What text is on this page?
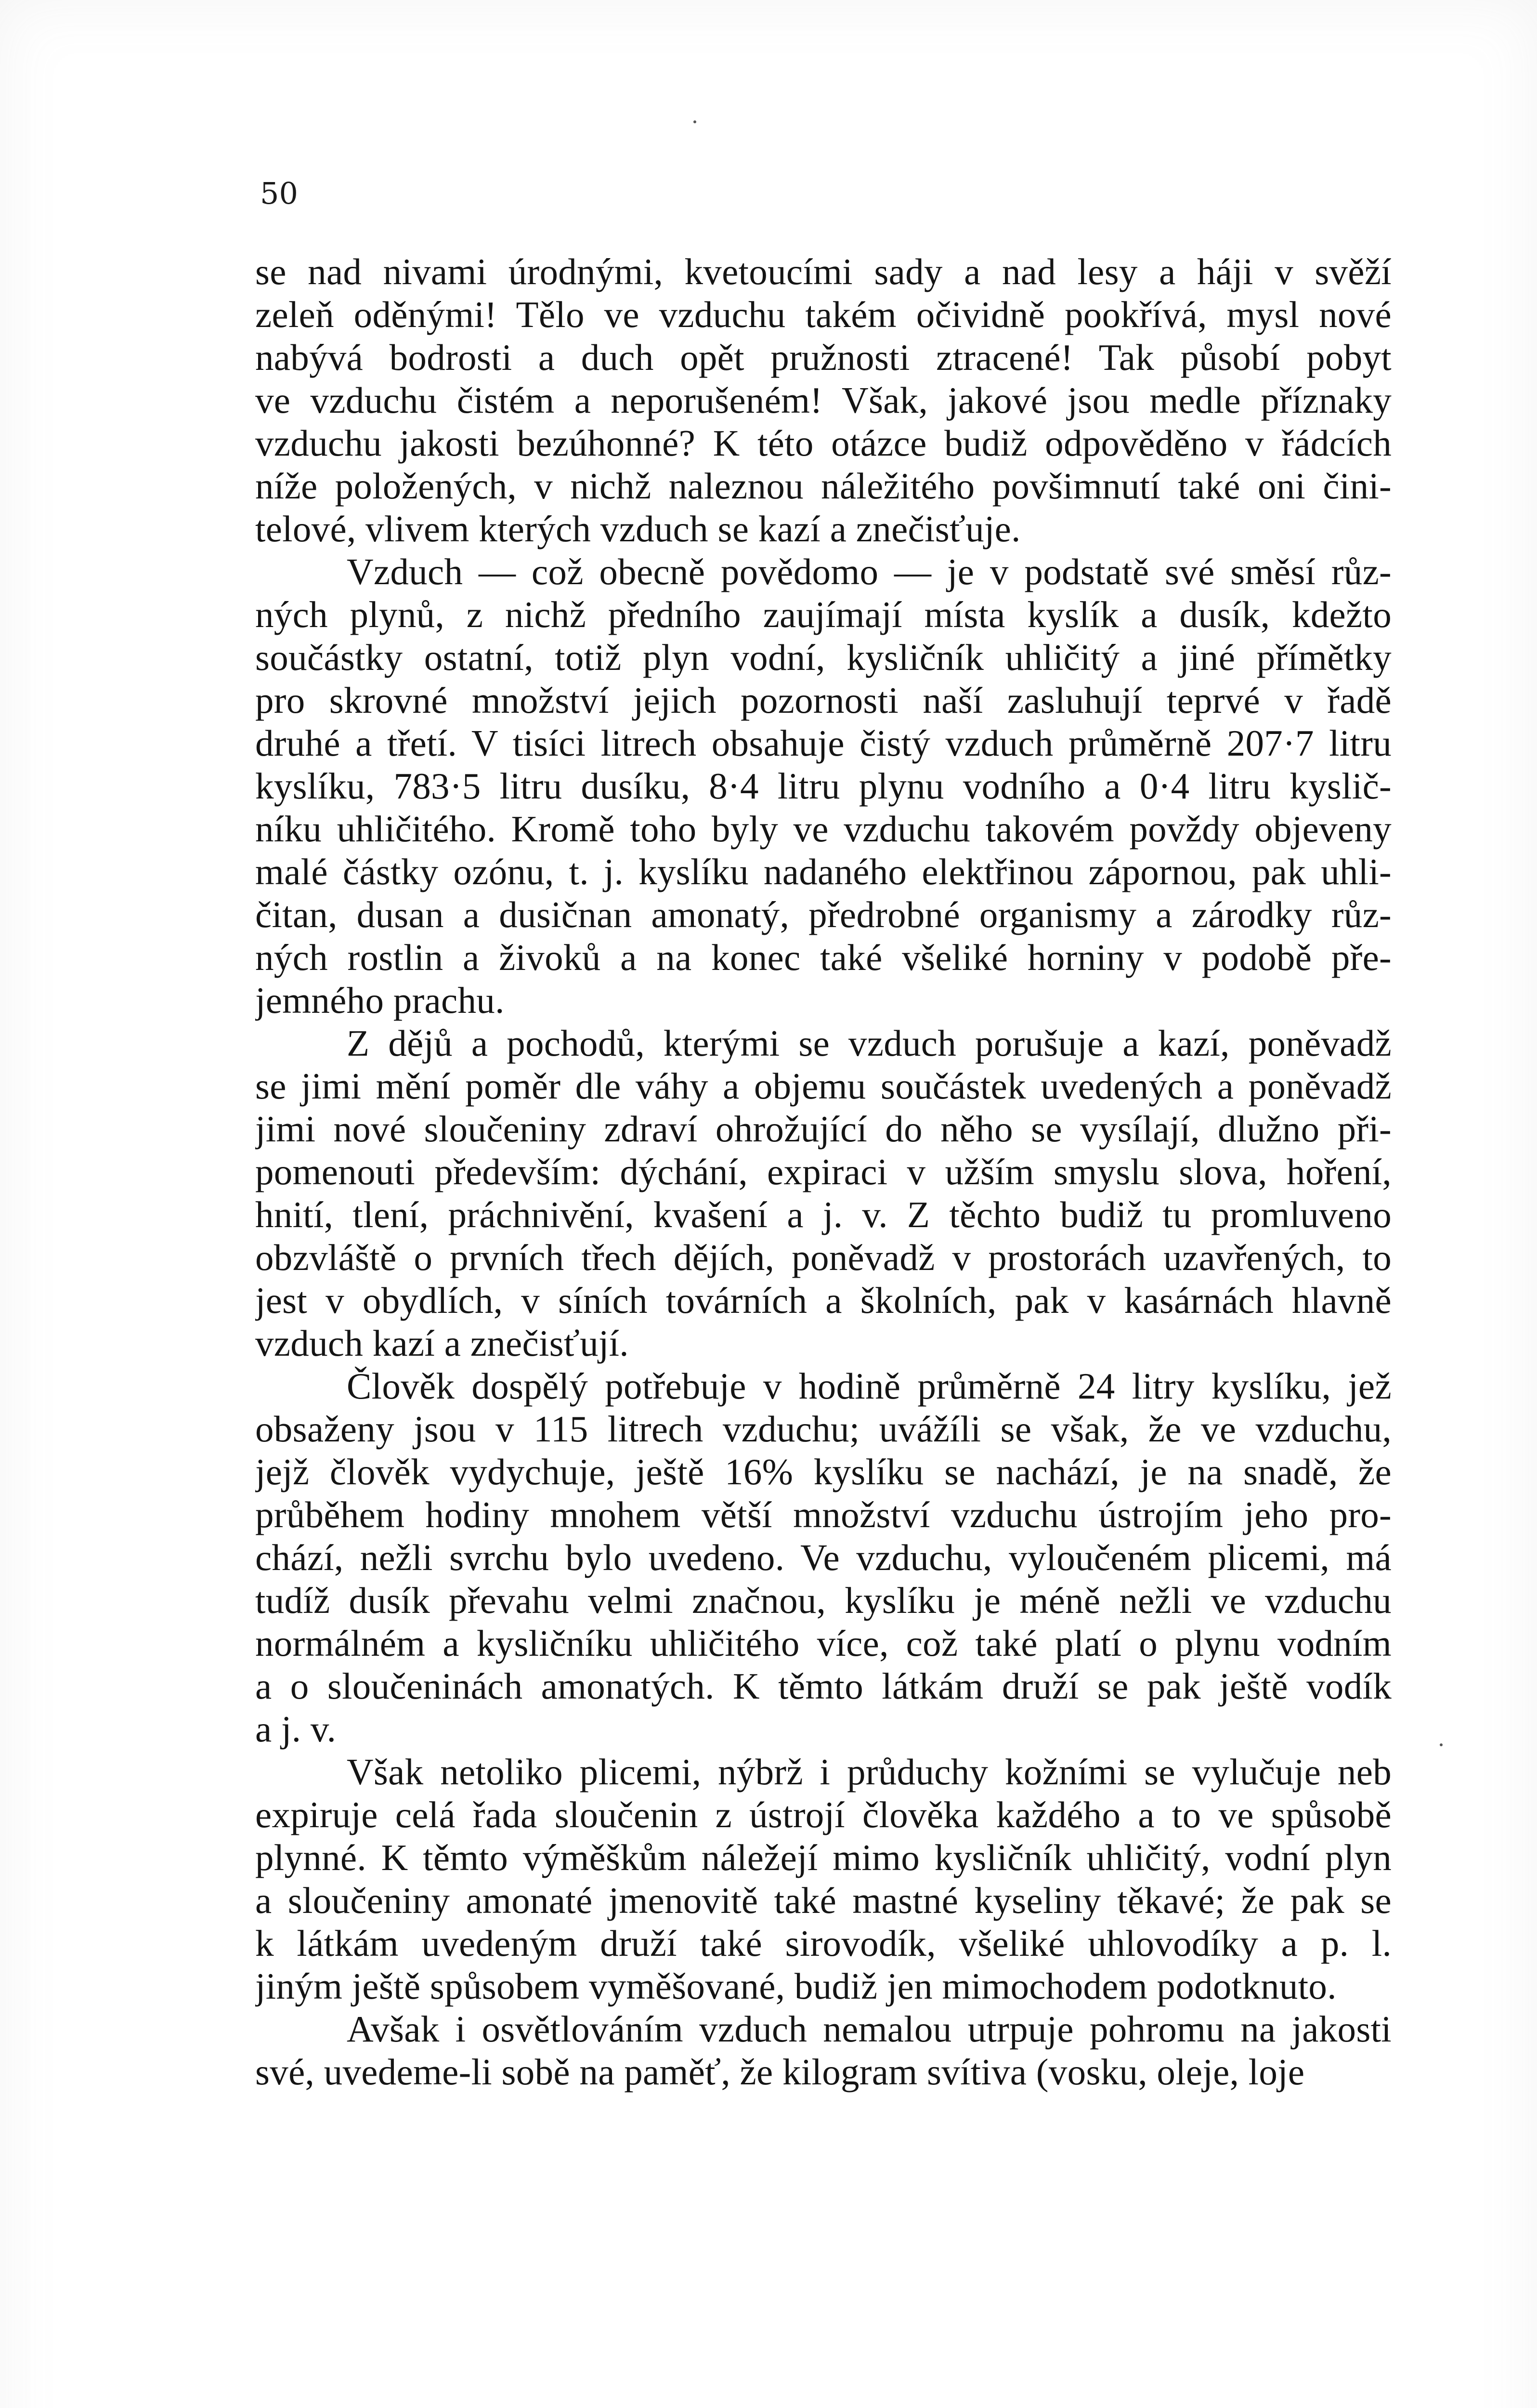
50
se nad nivami úrodnými, kvetoucími sady a nad lesy a háji v svěží
zeleň oděnými! Tělo ve vzduchu takém očividně pookřívá, mysl nové
nabývá bodrosti a duch opět pružnosti ztracené! Tak působí pobyt
ve vzduchu čistém a neporušeném! Však, jakové jsou medle příznaky
vzduchu jakosti bezúhonné? K této otázce budiž odpověděno v řádcích
níže položených, v nichž naleznou náležitého povšimnutí také oni čini-
telové, vlivem kterých vzduch se kazí a znečisťuje.
Vzduch — což obecně povědomo — je v podstatě své směsí růz-
ných plynů, z nichž předního zaujímají místa kyslík a dusík, kdežto
součástky ostatní, totiž plyn vodní, kysličník uhličitý a jiné přímětky
pro skrovné množství jejich pozornosti naší zasluhují teprvé v řadě
druhé a třetí. V tisíci litrech obsahuje čistý vzduch průměrně 207·7 litru
kyslíku, 783·5 litru dusíku, 8·4 litru plynu vodního a 0·4 litru kyslič-
níku uhličitého. Kromě toho byly ve vzduchu takovém povždy objeveny
malé částky ozónu, t. j. kyslíku nadaného elektřinou zápornou, pak uhli-
čitan, dusan a dusičnan amonatý, předrobné organismy a zárodky růz-
ných rostlin a živoků a na konec také všeliké horniny v podobě pře-
jemného prachu.
Z dějů a pochodů, kterými se vzduch porušuje a kazí, poněvadž
se jimi mění poměr dle váhy a objemu součástek uvedených a poněvadž
jimi nové sloučeniny zdraví ohrožující do něho se vysílají, dlužno při-
pomenouti především: dýchání, expiraci v užším smyslu slova, hoření,
hnití, tlení, práchnivění, kvašení a j. v. Z těchto budiž tu promluveno
obzvláště o prvních třech dějích, poněvadž v prostorách uzavřených, to
jest v obydlích, v síních továrních a školních, pak v kasárnách hlavně
vzduch kazí a znečisťují.
Člověk dospělý potřebuje v hodině průměrně 24 litry kyslíku, jež
obsaženy jsou v 115 litrech vzduchu; uvážíli se však, že ve vzduchu,
jejž člověk vydychuje, ještě 16% kyslíku se nachází, je na snadě, že
průběhem hodiny mnohem větší množství vzduchu ústrojím jeho pro-
chází, nežli svrchu bylo uvedeno. Ve vzduchu, vyloučeném plicemi, má
tudíž dusík převahu velmi značnou, kyslíku je méně nežli ve vzduchu
normálném a kysličníku uhličitého více, což také platí o plynu vodním
a o sloučeninách amonatých. K těmto látkám druží se pak ještě vodík
a j. v.
Však netoliko plicemi, nýbrž i průduchy kožními se vylučuje neb
expiruje celá řada sloučenin z ústrojí člověka každého a to ve spůsobě
plynné. K těmto výměškům náležejí mimo kysličník uhličitý, vodní plyn
a sloučeniny amonaté jmenovitě také mastné kyseliny těkavé; že pak se
k látkám uvedeným druží také sirovodík, všeliké uhlovodíky a p. l.
jiným ještě spůsobem vyměšované, budiž jen mimochodem podotknuto.
Avšak i osvětlováním vzduch nemalou utrpuje pohromu na jakosti
své, uvedeme-li sobě na paměť, že kilogram svítiva (vosku, oleje, loje
